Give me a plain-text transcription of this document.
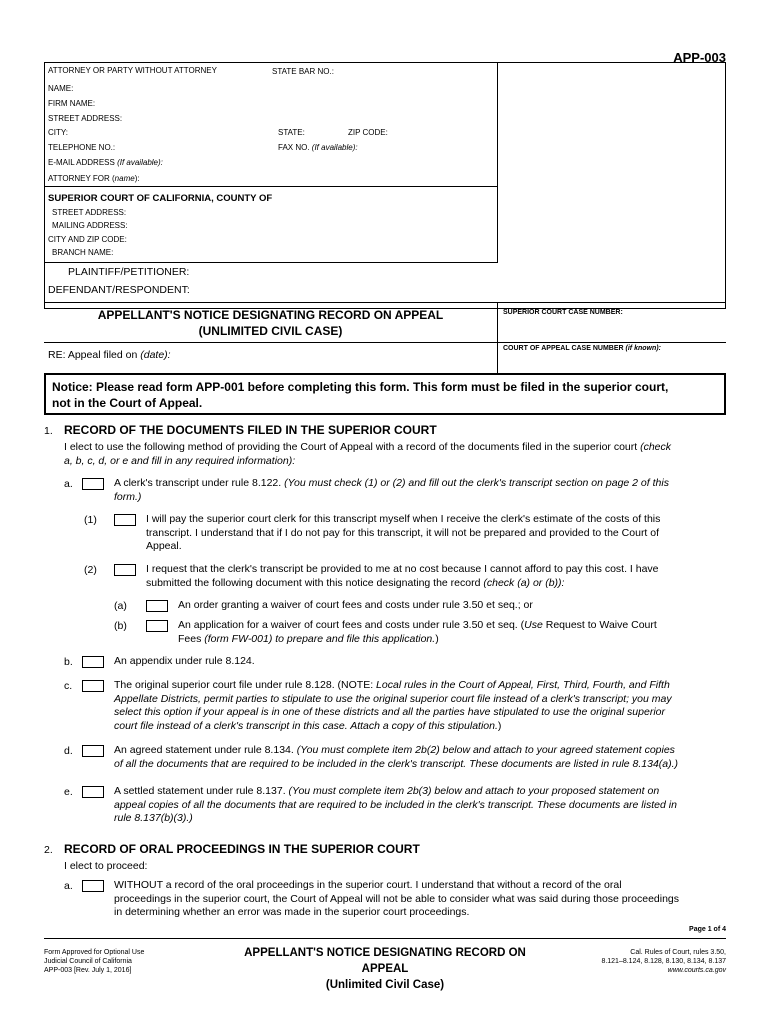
APP-003
ATTORNEY OR PARTY WITHOUT ATTORNEY	STATE BAR NO.:
NAME:
FIRM NAME:
STREET ADDRESS:
CITY:	STATE:	ZIP CODE:
TELEPHONE NO.:	FAX NO. (If available):
E-MAIL ADDRESS (If available):
ATTORNEY FOR (name):
SUPERIOR COURT OF CALIFORNIA, COUNTY OF
STREET ADDRESS:
MAILING ADDRESS:
CITY AND ZIP CODE:
BRANCH NAME:
PLAINTIFF/PETITIONER:
DEFENDANT/RESPONDENT:
APPELLANT'S NOTICE DESIGNATING RECORD ON APPEAL
(UNLIMITED CIVIL CASE)
RE: Appeal filed on (date):
SUPERIOR COURT CASE NUMBER:
COURT OF APPEAL CASE NUMBER (if known):
Notice: Please read form APP-001 before completing this form. This form must be filed in the superior court,
not in the Court of Appeal.
1. RECORD OF THE DOCUMENTS FILED IN THE SUPERIOR COURT
I elect to use the following method of providing the Court of Appeal with a record of the documents filed in the superior court (check
a, b, c, d, or e and fill in any required information):
a.	A clerk's transcript under rule 8.122. (You must check (1) or (2) and fill out the clerk's transcript section on page 2 of this
form.)
(1)	I will pay the superior court clerk for this transcript myself when I receive the clerk's estimate of the costs of this
transcript. I understand that if I do not pay for this transcript, it will not be prepared and provided to the Court of
Appeal.
(2)	I request that the clerk's transcript be provided to me at no cost because I cannot afford to pay this cost. I have
submitted the following document with this notice designating the record (check (a) or (b)):
(a)	An order granting a waiver of court fees and costs under rule 3.50 et seq.; or
(b)	An application for a waiver of court fees and costs under rule 3.50 et seq. (Use Request to Waive Court
Fees (form FW-001) to prepare and file this application.)
b.	An appendix under rule 8.124.
c.	The original superior court file under rule 8.128. (NOTE: Local rules in the Court of Appeal, First, Third, Fourth, and Fifth
Appellate Districts, permit parties to stipulate to use the original superior court file instead of a clerk's transcript; you may
select this option if your appeal is in one of these districts and all the parties have stipulated to use the original superior
court file instead of a clerk's transcript in this case. Attach a copy of this stipulation.)
d.	An agreed statement under rule 8.134. (You must complete item 2b(2) below and attach to your agreed statement copies
of all the documents that are required to be included in the clerk's transcript. These documents are listed in rule 8.134(a).)
e.	A settled statement under rule 8.137. (You must complete item 2b(3) below and attach to your proposed statement on
appeal copies of all the documents that are required to be included in the clerk's transcript. These documents are listed in
rule 8.137(b)(3).)
2. RECORD OF ORAL PROCEEDINGS IN THE SUPERIOR COURT
I elect to proceed:
a.	WITHOUT a record of the oral proceedings in the superior court. I understand that without a record of the oral
proceedings in the superior court, the Court of Appeal will not be able to consider what was said during those proceedings
in determining whether an error was made in the superior court proceedings.
Page 1 of 4
Form Approved for Optional Use
Judicial Council of California
APP-003 [Rev. July 1, 2016]
APPELLANT'S NOTICE DESIGNATING RECORD ON APPEAL
(Unlimited Civil Case)
Cal. Rules of Court, rules 3.50,
8.121–8.124, 8.128, 8.130, 8.134, 8.137
www.courts.ca.gov
